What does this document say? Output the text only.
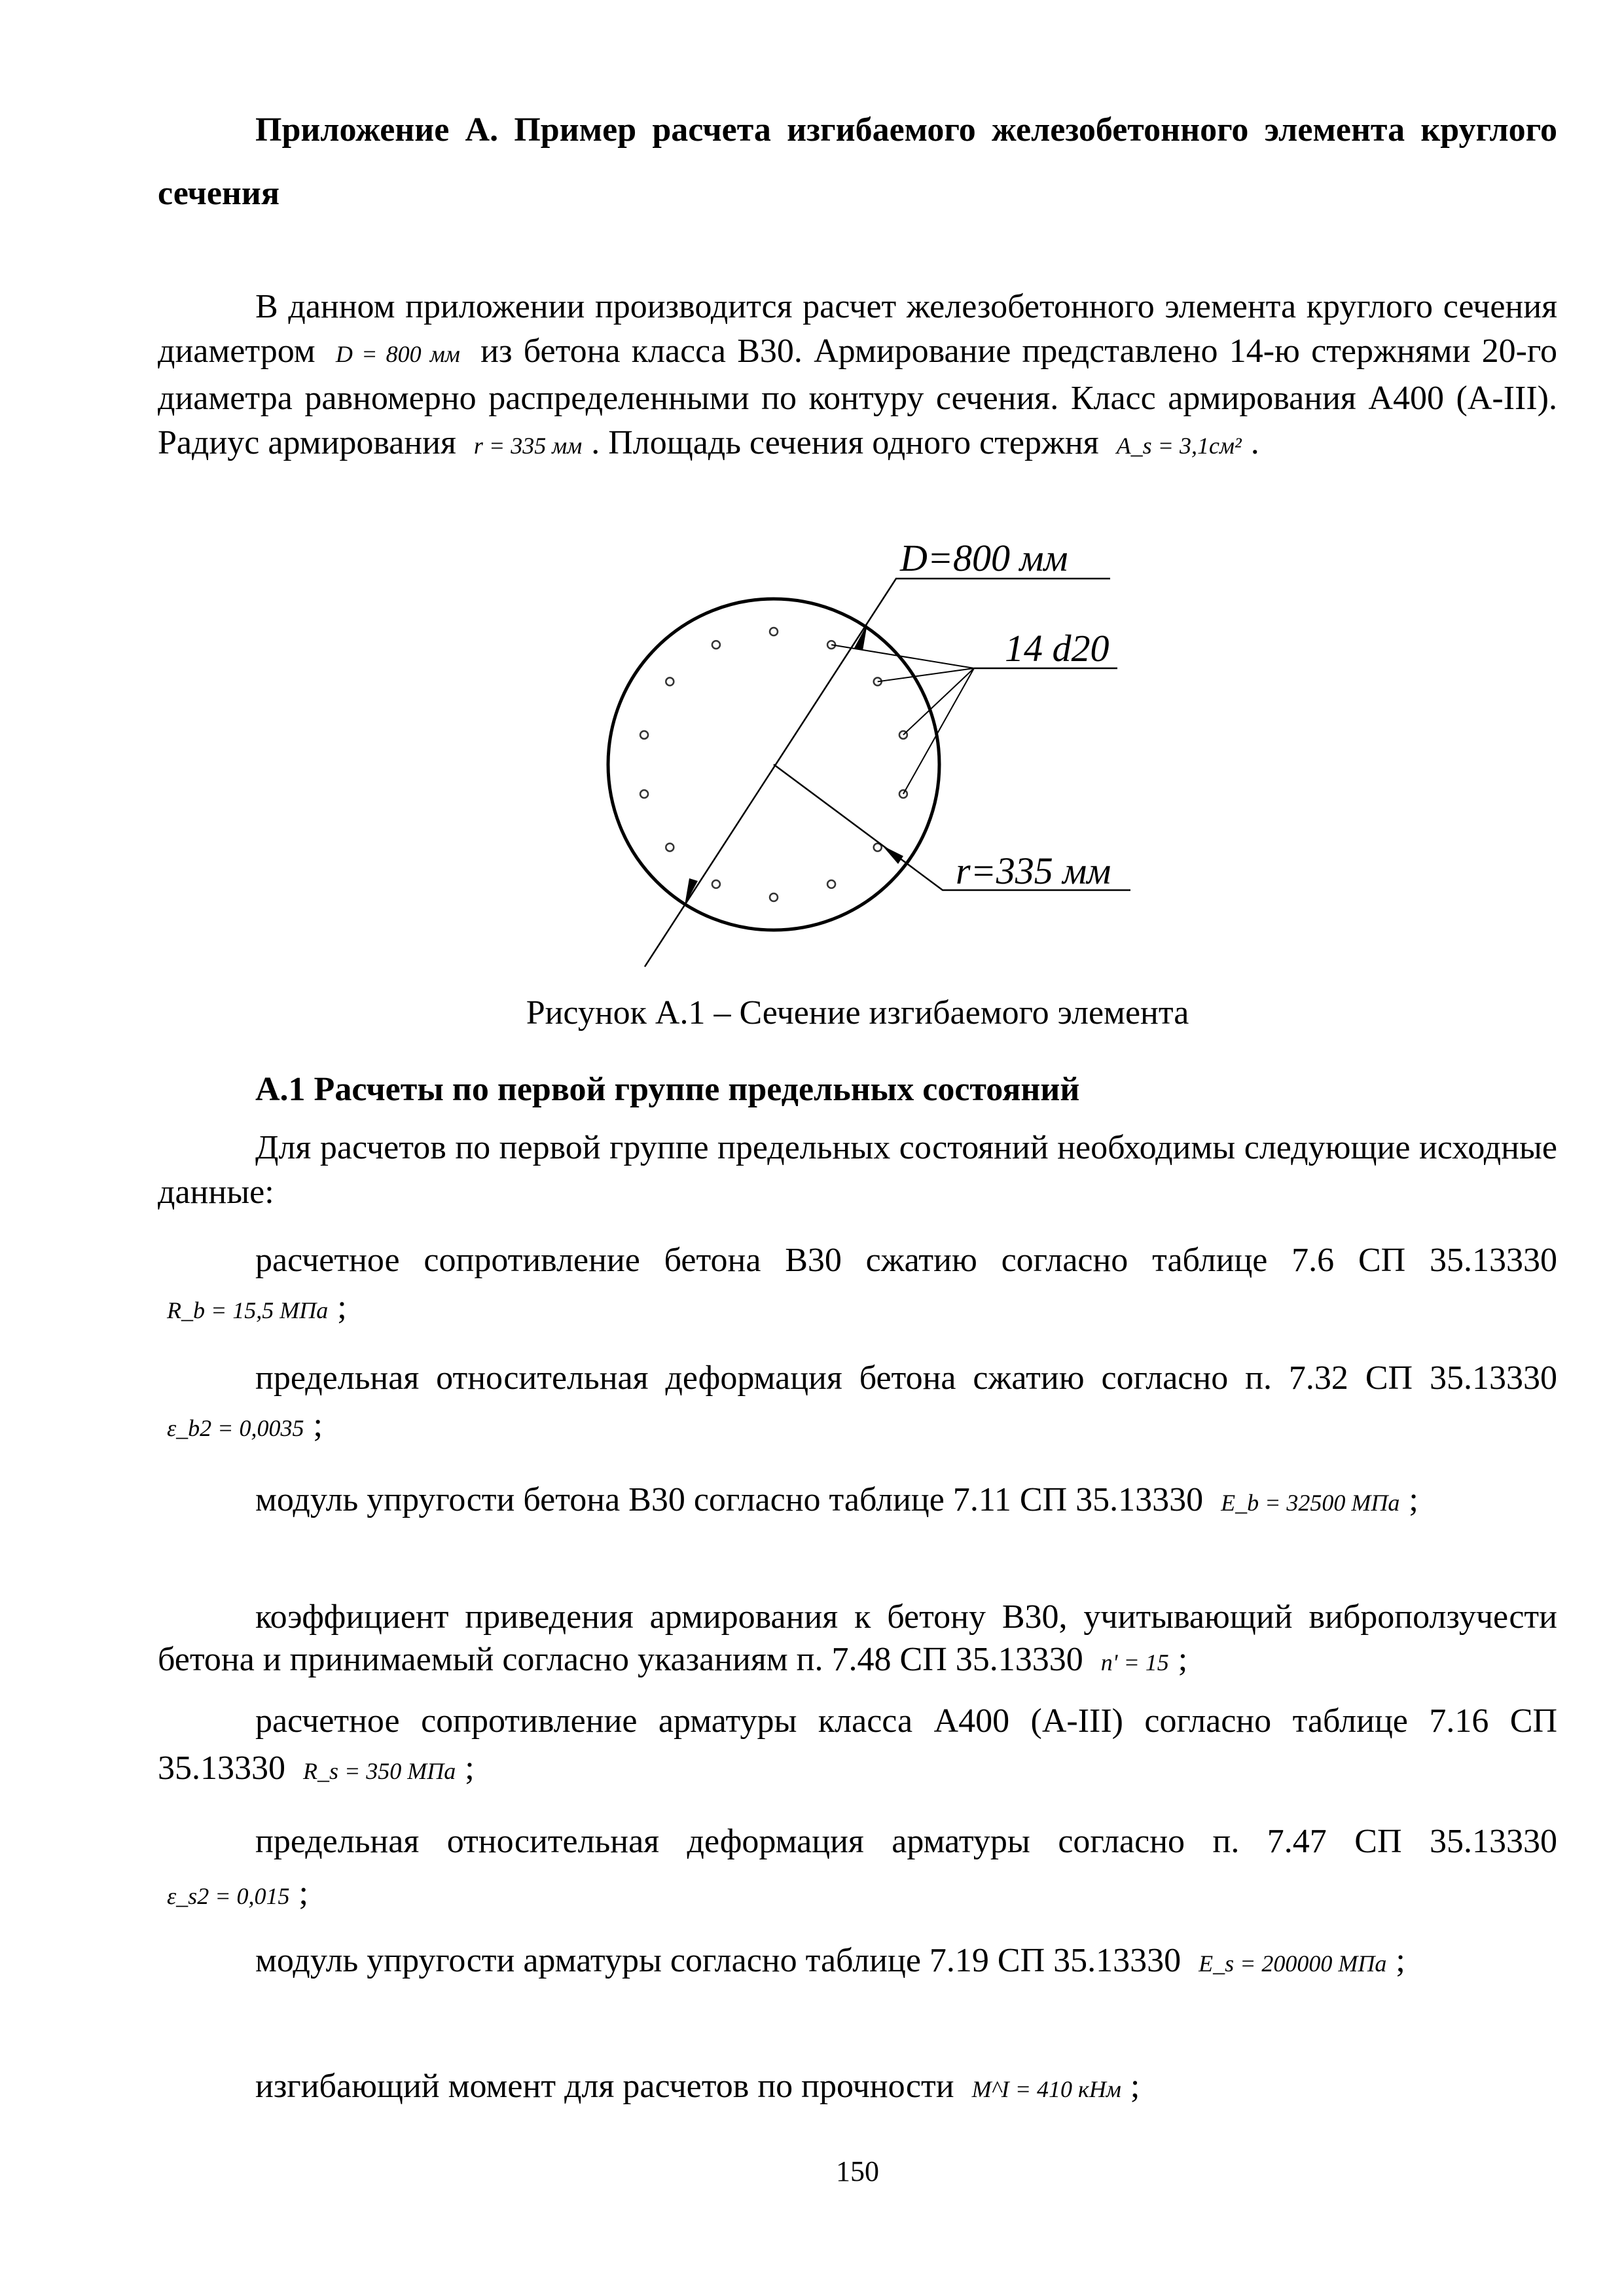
Приложение А. Пример расчета изгибаемого железобетонного элемента круглого сечения
В данном приложении производится расчет железобетонного элемента круглого сечения диаметром D = 800 мм из бетона класса В30. Армирование представлено 14-ю стержнями 20-го диаметра равномерно распределенными по контуру сечения. Класс армирования А400 (А-III). Радиус армирования r = 335 мм . Площадь сечения одного стержня A_s = 3,1см² .
D=800 мм
14 d20
r=335 мм
Рисунок А.1 – Сечение изгибаемого элемента
А.1 Расчеты по первой группе предельных состояний
Для расчетов по первой группе предельных состояний необходимы следующие исходные данные:
расчетное сопротивление бетона В30 сжатию согласно таблице 7.6 СП 35.13330 R_b = 15,5 МПа ;
предельная относительная деформация бетона сжатию согласно п. 7.32 СП 35.13330 ε_b2 = 0,0035 ;
модуль упругости бетона В30 согласно таблице 7.11 СП 35.13330 E_b = 32500 МПа ;
коэффициент приведения армирования к бетону В30, учитывающий виброползучести бетона и принимаемый согласно указаниям п. 7.48 СП 35.13330 n' = 15 ;
расчетное сопротивление арматуры класса А400 (А-III) согласно таблице 7.16 СП 35.13330 R_s = 350 МПа ;
предельная относительная деформация арматуры согласно п. 7.47 СП 35.13330 ε_s2 = 0,015 ;
модуль упругости арматуры согласно таблице 7.19 СП 35.13330 E_s = 200000 МПа ;
изгибающий момент для расчетов по прочности M^I = 410 кНм ;
150
